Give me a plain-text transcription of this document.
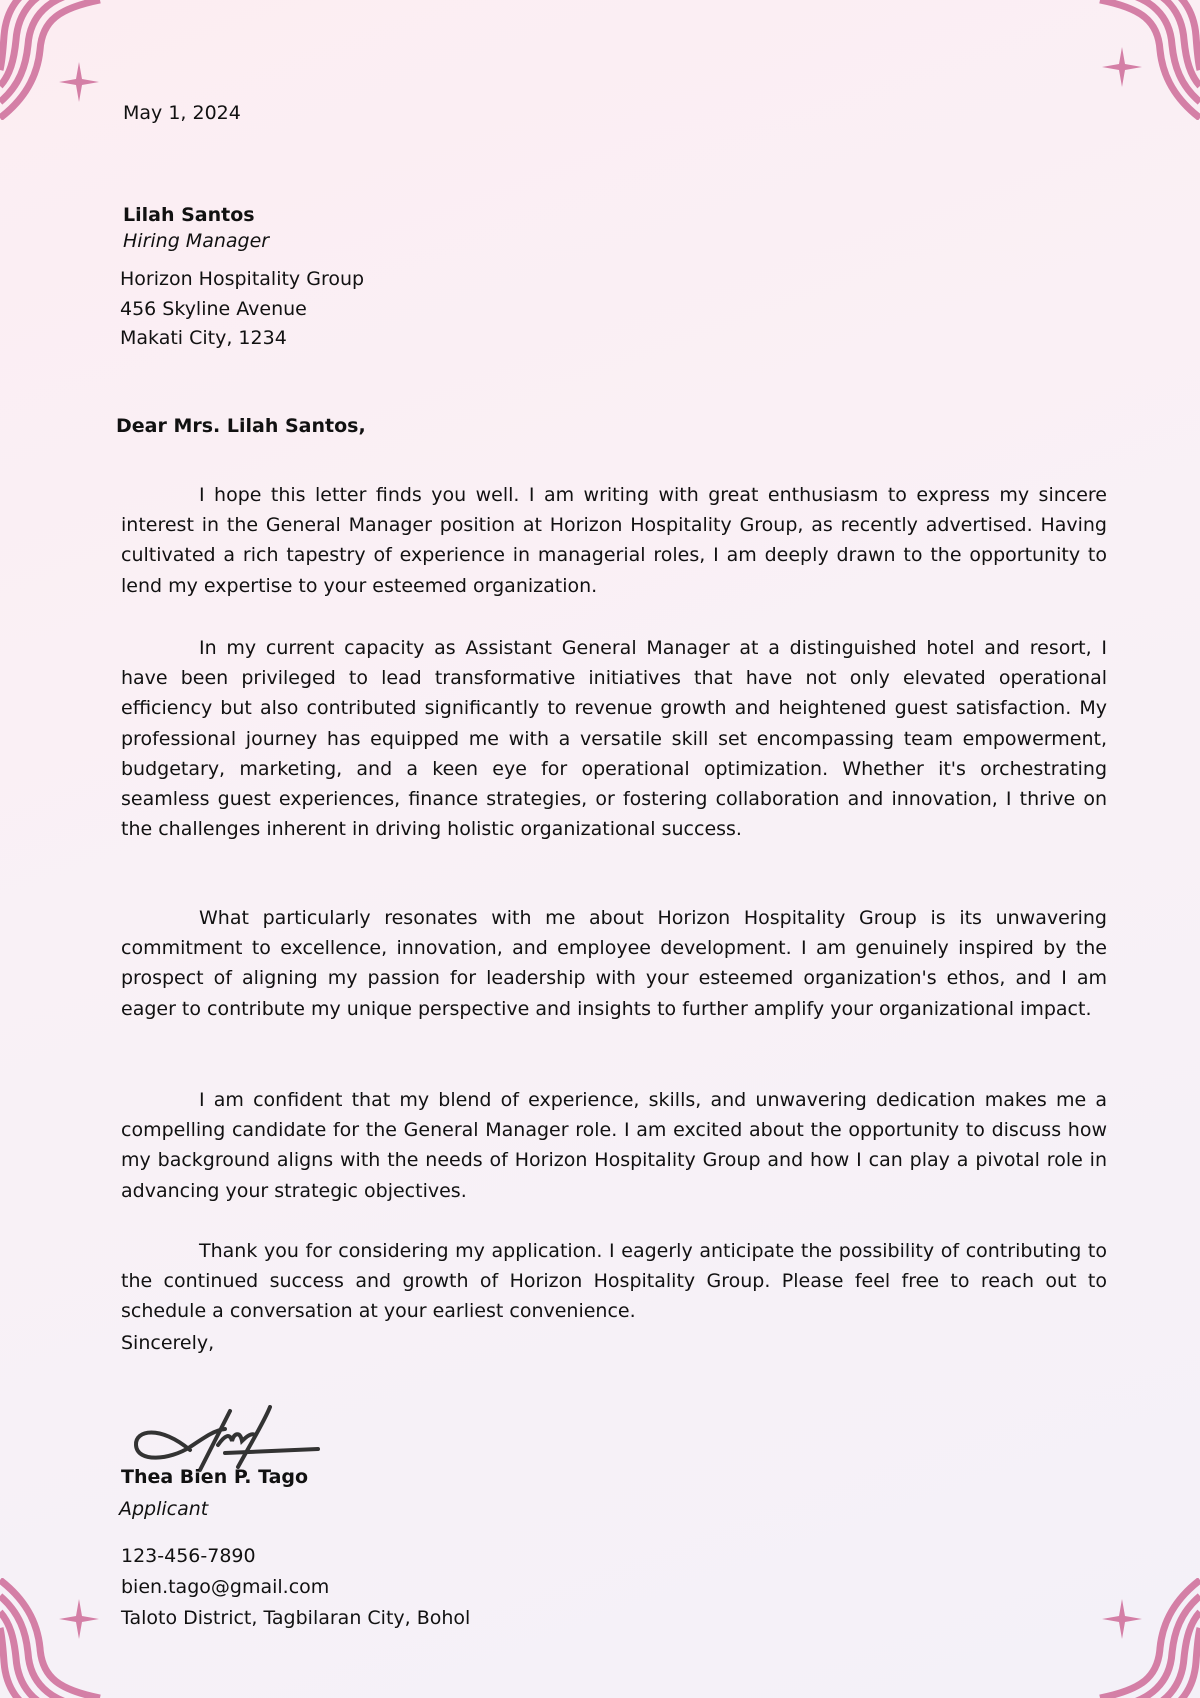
May 1, 2024
Lilah Santos
Hiring Manager
Horizon Hospitality Group
456 Skyline Avenue
Makati City, 1234
Dear Mrs. Lilah Santos,

I hope this letter finds you well. I am writing with great enthusiasm to express my sincere interest in the General Manager position at Horizon Hospitality Group, as recently advertised. Having cultivated a rich tapestry of experience in managerial roles, I am deeply drawn to the opportunity to lend my expertise to your esteemed organization.

In my current capacity as Assistant General Manager at a distinguished hotel and resort, I have been privileged to lead transformative initiatives that have not only elevated operational efficiency but also contributed significantly to revenue growth and heightened guest satisfaction. My professional journey has equipped me with a versatile skill set encompassing team empowerment, budgetary, marketing, and a keen eye for operational optimization. Whether it's orchestrating seamless guest experiences, finance strategies, or fostering collaboration and innovation, I thrive on the challenges inherent in driving holistic organizational success.

What particularly resonates with me about Horizon Hospitality Group is its unwavering commitment to excellence, innovation, and employee development. I am genuinely inspired by the prospect of aligning my passion for leadership with your esteemed organization's ethos, and I am eager to contribute my unique perspective and insights to further amplify your organizational impact.

I am confident that my blend of experience, skills, and unwavering dedication makes me a compelling candidate for the General Manager role. I am excited about the opportunity to discuss how my background aligns with the needs of Horizon Hospitality Group and how I can play a pivotal role in advancing your strategic objectives.

Thank you for considering my application. I eagerly anticipate the possibility of contributing to the continued success and growth of Horizon Hospitality Group. Please feel free to reach out to schedule a conversation at your earliest convenience.

Sincerely,
Thea Bien P. Tago
Applicant
123-456-7890
bien.tago@gmail.com
Taloto District, Tagbilaran City, Bohol
